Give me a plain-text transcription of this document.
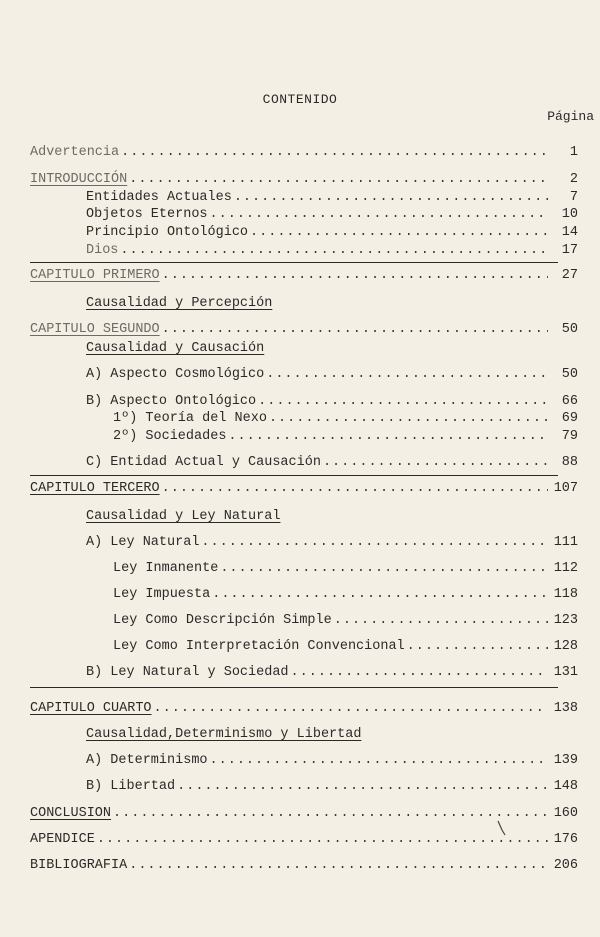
CONTENIDO
Página
Advertencia .....	1
INTRODUCCIÓN .....	2
Entidades Actuales .....	7
Objetos Eternos .....	10
Principio Ontológico .....	14
Dios .....	17
CAPITULO PRIMERO .....	27
Causalidad y Percepción
CAPITULO SEGUNDO .....	50
Causalidad y Causación
A) Aspecto Cosmológico .....	50
B) Aspecto Ontológico .....	66
1º) Teoría del Nexo .....	69
2º) Sociedades .....	79
C) Entidad Actual y Causación .....	88
CAPITULO TERCERO .....	107
Causalidad y Ley Natural
A) Ley Natural .....	111
Ley Inmanente .....	112
Ley Impuesta .....	118
Ley Como Descripción Simple .....	123
Ley Como Interpretación Convencional .....	128
B) Ley Natural y Sociedad .....	131
CAPITULO CUARTO .....	138
Causalidad,Determinismo y Libertad
A) Determinismo .....	139
B) Libertad .....	148
CONCLUSION .....	160
APENDICE .....	176
BIBLIOGRAFIA .....	206
